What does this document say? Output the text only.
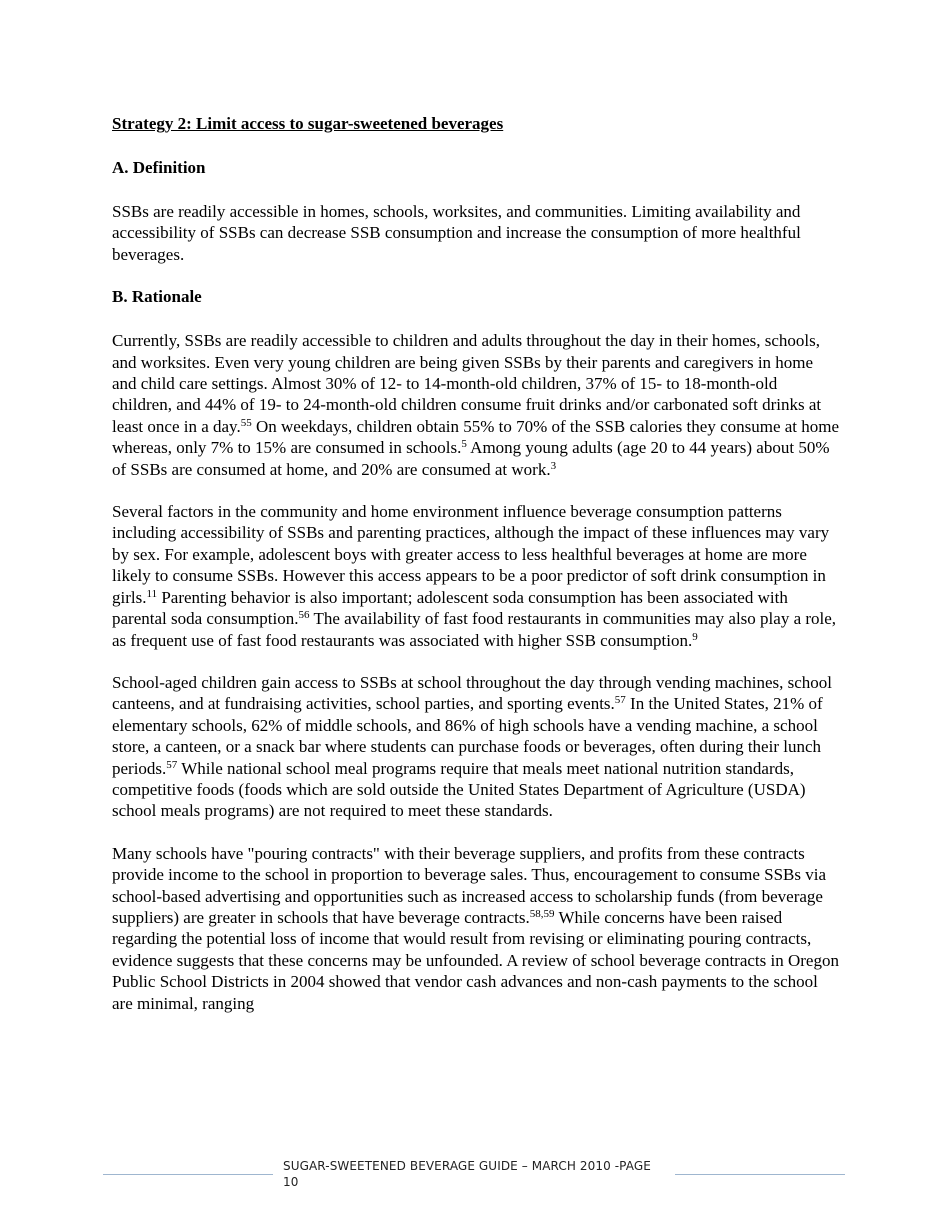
Strategy 2: Limit access to sugar-sweetened beverages
A. Definition

SSBs are readily accessible in homes, schools, worksites, and communities. Limiting availability and accessibility of SSBs can decrease SSB consumption and increase the consumption of more healthful beverages.

B. Rationale

Currently, SSBs are readily accessible to children and adults throughout the day in their homes, schools, and worksites. Even very young children are being given SSBs by their parents and caregivers in home and child care settings. Almost 30% of 12- to 14-month-old children, 37% of 15- to 18-month-old children, and 44% of 19- to 24-month-old children consume fruit drinks and/or carbonated soft drinks at least once in a day.$^{55}$ On weekdays, children obtain 55% to 70% of the SSB calories they consume at home whereas, only 7% to 15% are consumed in schools.$^5$ Among young adults (age 20 to 44 years) about 50% of SSBs are consumed at home, and 20% are consumed at work.$^3$

Several factors in the community and home environment influence beverage consumption patterns including accessibility of SSBs and parenting practices, although the impact of these influences may vary by sex. For example, adolescent boys with greater access to less healthful beverages at home are more likely to consume SSBs. However this access appears to be a poor predictor of soft drink consumption in girls.$^{11}$ Parenting behavior is also important; adolescent soda consumption has been associated with parental soda consumption.$^{56}$ The availability of fast food restaurants in communities may also play a role, as frequent use of fast food restaurants was associated with higher SSB consumption.$^9$

School-aged children gain access to SSBs at school throughout the day through vending machines, school canteens, and at fundraising activities, school parties, and sporting events.$^{57}$ In the United States, 21% of elementary schools, 62% of middle schools, and 86% of high schools have a vending machine, a school store, a canteen, or a snack bar where students can purchase foods or beverages, often during their lunch periods.$^{57}$ While national school meal programs require that meals meet national nutrition standards, competitive foods (foods which are sold outside the United States Department of Agriculture (USDA) school meals programs) are not required to meet these standards.

Many schools have "pouring contracts" with their beverage suppliers, and profits from these contracts provide income to the school in proportion to beverage sales. Thus, encouragement to consume SSBs via school-based advertising and opportunities such as increased access to scholarship funds (from beverage suppliers) are greater in schools that have beverage contracts.$^{58,59}$ While concerns have been raised regarding the potential loss of income that would result from revising or eliminating pouring contracts, evidence suggests that these concerns may be unfounded. A review of school beverage contracts in Oregon Public School Districts in 2004 showed that vendor cash advances and non-cash payments to the school are minimal, ranging

SUGAR-SWEETENED BEVERAGE GUIDE – MARCH 2010 -PAGE 10
